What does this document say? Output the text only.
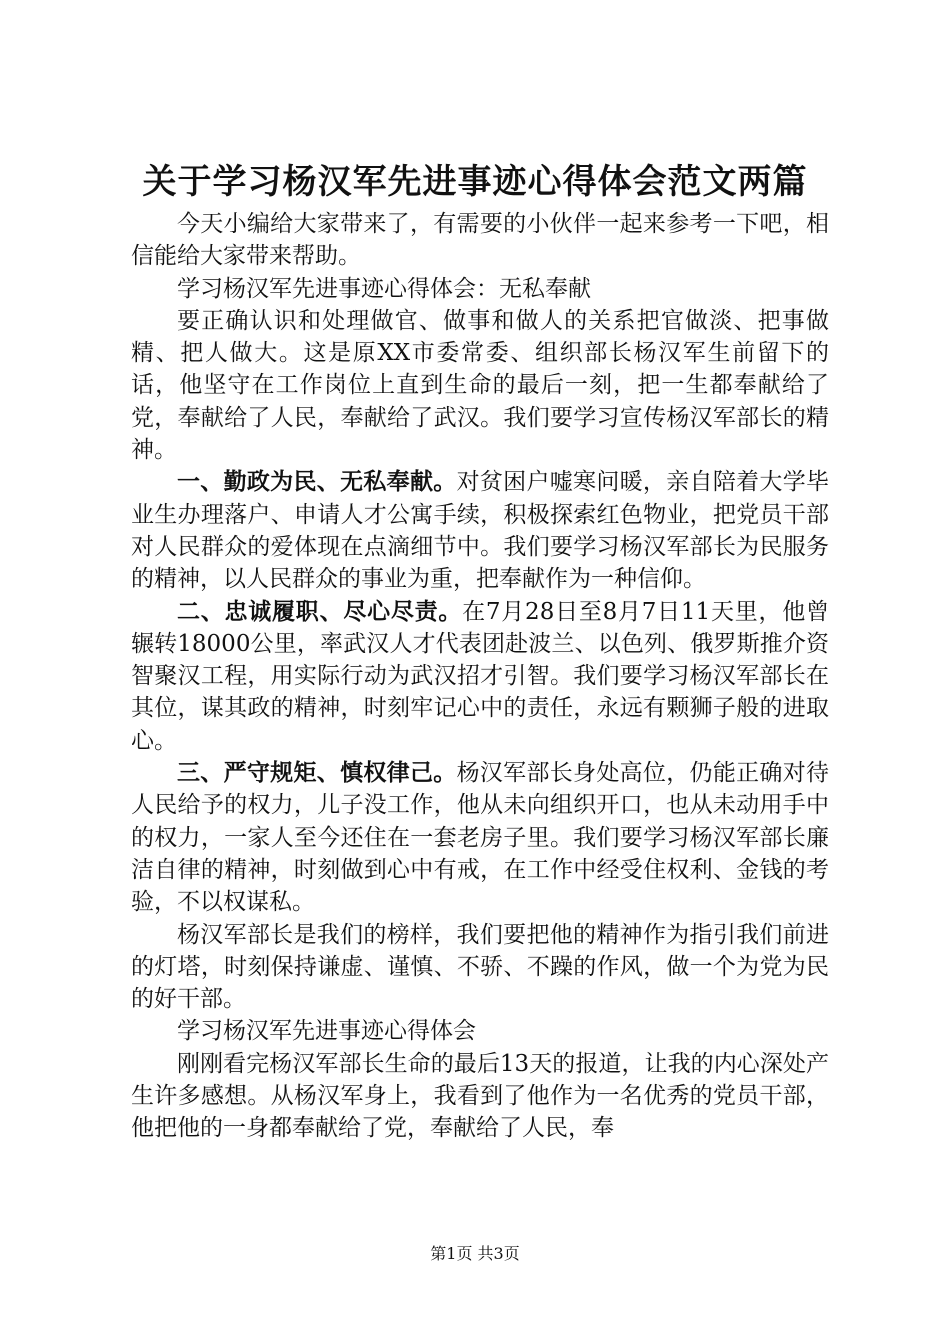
关于学习杨汉军先进事迹心得体会范文两篇

今天小编给大家带来了，有需要的小伙伴一起来参考一下吧，相信能给大家带来帮助。

学习杨汉军先进事迹心得体会：无私奉献

要正确认识和处理做官、做事和做人的关系把官做淡、把事做精、把人做大。这是原XX市委常委、组织部长杨汉军生前留下的话，他坚守在工作岗位上直到生命的最后一刻，把一生都奉献给了党，奉献给了人民，奉献给了武汉。我们要学习宣传杨汉军部长的精神。

一、勤政为民、无私奉献。对贫困户嘘寒问暖，亲自陪着大学毕业生办理落户、申请人才公寓手续，积极探索红色物业，把党员干部对人民群众的爱体现在点滴细节中。我们要学习杨汉军部长为民服务的精神，以人民群众的事业为重，把奉献作为一种信仰。

二、忠诚履职、尽心尽责。在7月28日至8月7日11天里，他曾辗转18000公里，率武汉人才代表团赴波兰、以色列、俄罗斯推介资智聚汉工程，用实际行动为武汉招才引智。我们要学习杨汉军部长在其位，谋其政的精神，时刻牢记心中的责任，永远有颗狮子般的进取心。

三、严守规矩、慎权律己。杨汉军部长身处高位，仍能正确对待人民给予的权力，儿子没工作，他从未向组织开口，也从未动用手中的权力，一家人至今还住在一套老房子里。我们要学习杨汉军部长廉洁自律的精神，时刻做到心中有戒，在工作中经受住权利、金钱的考验，不以权谋私。

杨汉军部长是我们的榜样，我们要把他的精神作为指引我们前进的灯塔，时刻保持谦虚、谨慎、不骄、不躁的作风，做一个为党为民的好干部。

学习杨汉军先进事迹心得体会

刚刚看完杨汉军部长生命的最后13天的报道，让我的内心深处产生许多感想。从杨汉军身上，我看到了他作为一名优秀的党员干部，他把他的一身都奉献给了党，奉献给了人民，奉

第1页 共3页
